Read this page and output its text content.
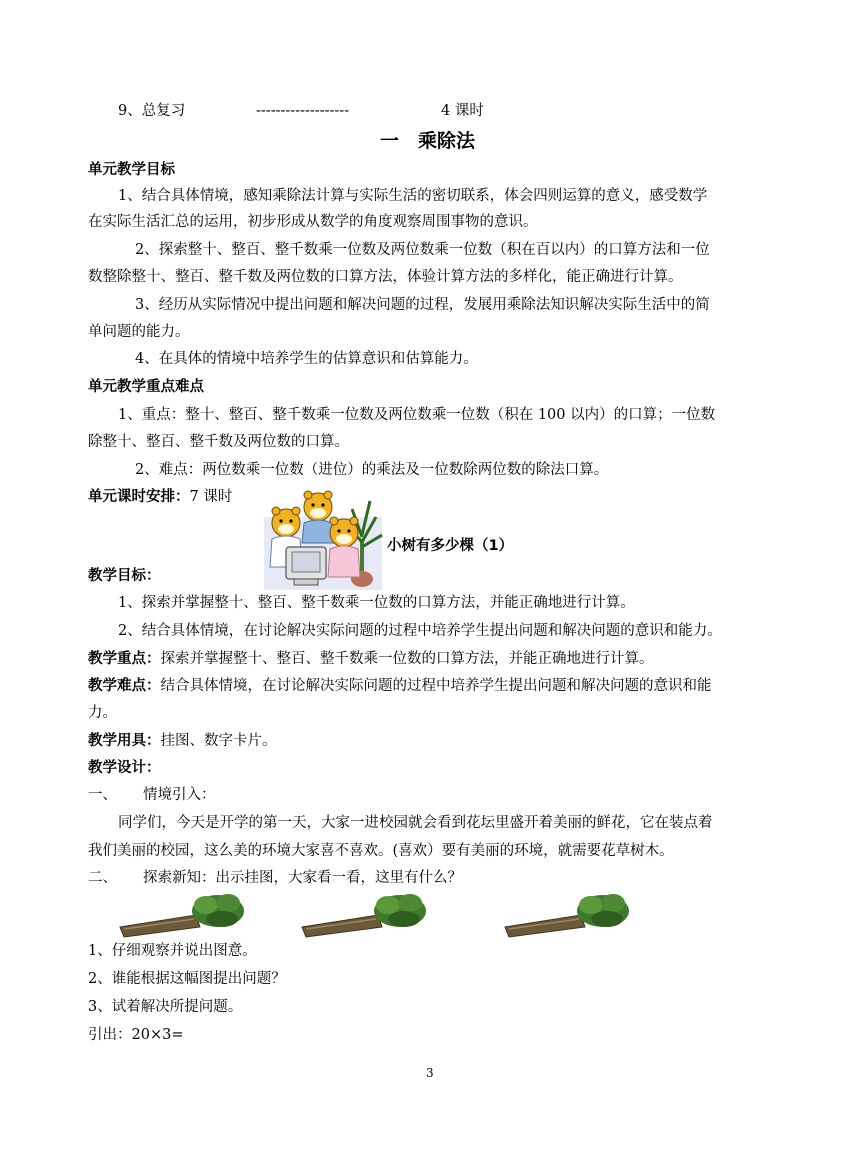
9、总复习	-------------------	4 课时
一　乘除法
单元教学目标
1、结合具体情境，感知乘除法计算与实际生活的密切联系，体会四则运算的意义，感受数学
在实际生活汇总的运用，初步形成从数学的角度观察周围事物的意识。
2、探索整十、整百、整千数乘一位数及两位数乘一位数（积在百以内）的口算方法和一位
数整除整十、整百、整千数及两位数的口算方法，体验计算方法的多样化，能正确进行计算。
3、经历从实际情况中提出问题和解决问题的过程，发展用乘除法知识解决实际生活中的简
单问题的能力。
4、在具体的情境中培养学生的估算意识和估算能力。
单元教学重点难点
1、重点：整十、整百、整千数乘一位数及两位数乘一位数（积在 100 以内）的口算；一位数
除整十、整百、整千数及两位数的口算。
2、难点：两位数乘一位数（进位）的乘法及一位数除两位数的除法口算。
单元课时安排：7 课时
小树有多少棵（1）
教学目标：
1、探索并掌握整十、整百、整千数乘一位数的口算方法，并能正确地进行计算。
2、结合具体情境，在讨论解决实际问题的过程中培养学生提出问题和解决问题的意识和能力。
教学重点：探索并掌握整十、整百、整千数乘一位数的口算方法，并能正确地进行计算。
教学难点：结合具体情境，在讨论解决实际问题的过程中培养学生提出问题和解决问题的意识和能
力。
教学用具：挂图、数字卡片。
教学设计：
一、 情境引入：
同学们，今天是开学的第一天，大家一进校园就会看到花坛里盛开着美丽的鲜花，它在装点着
我们美丽的校园，这么美的环境大家喜不喜欢。(喜欢）要有美丽的环境，就需要花草树木。
二、 探索新知：出示挂图，大家看一看，这里有什么？
1、仔细观察并说出图意。
2、谁能根据这幅图提出问题？
3、试着解决所提问题。
引出：20×3=
3
